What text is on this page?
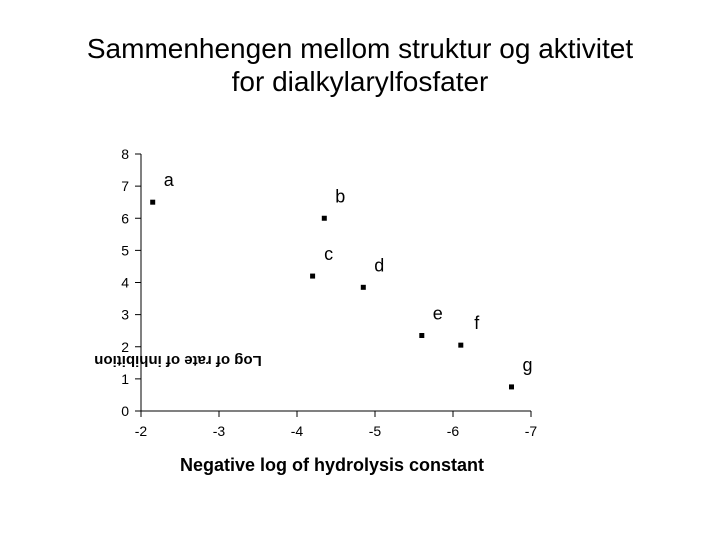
Sammenhengen mellom struktur og aktivitet
for dialkylarylfosfater
0
1
2
3
4
5
6
7
8
-2	-3	-4	-5	-6	-7
a
b
c
d
e f
g
Negative log of hydrolysis constant
Log of rate of inhibition
